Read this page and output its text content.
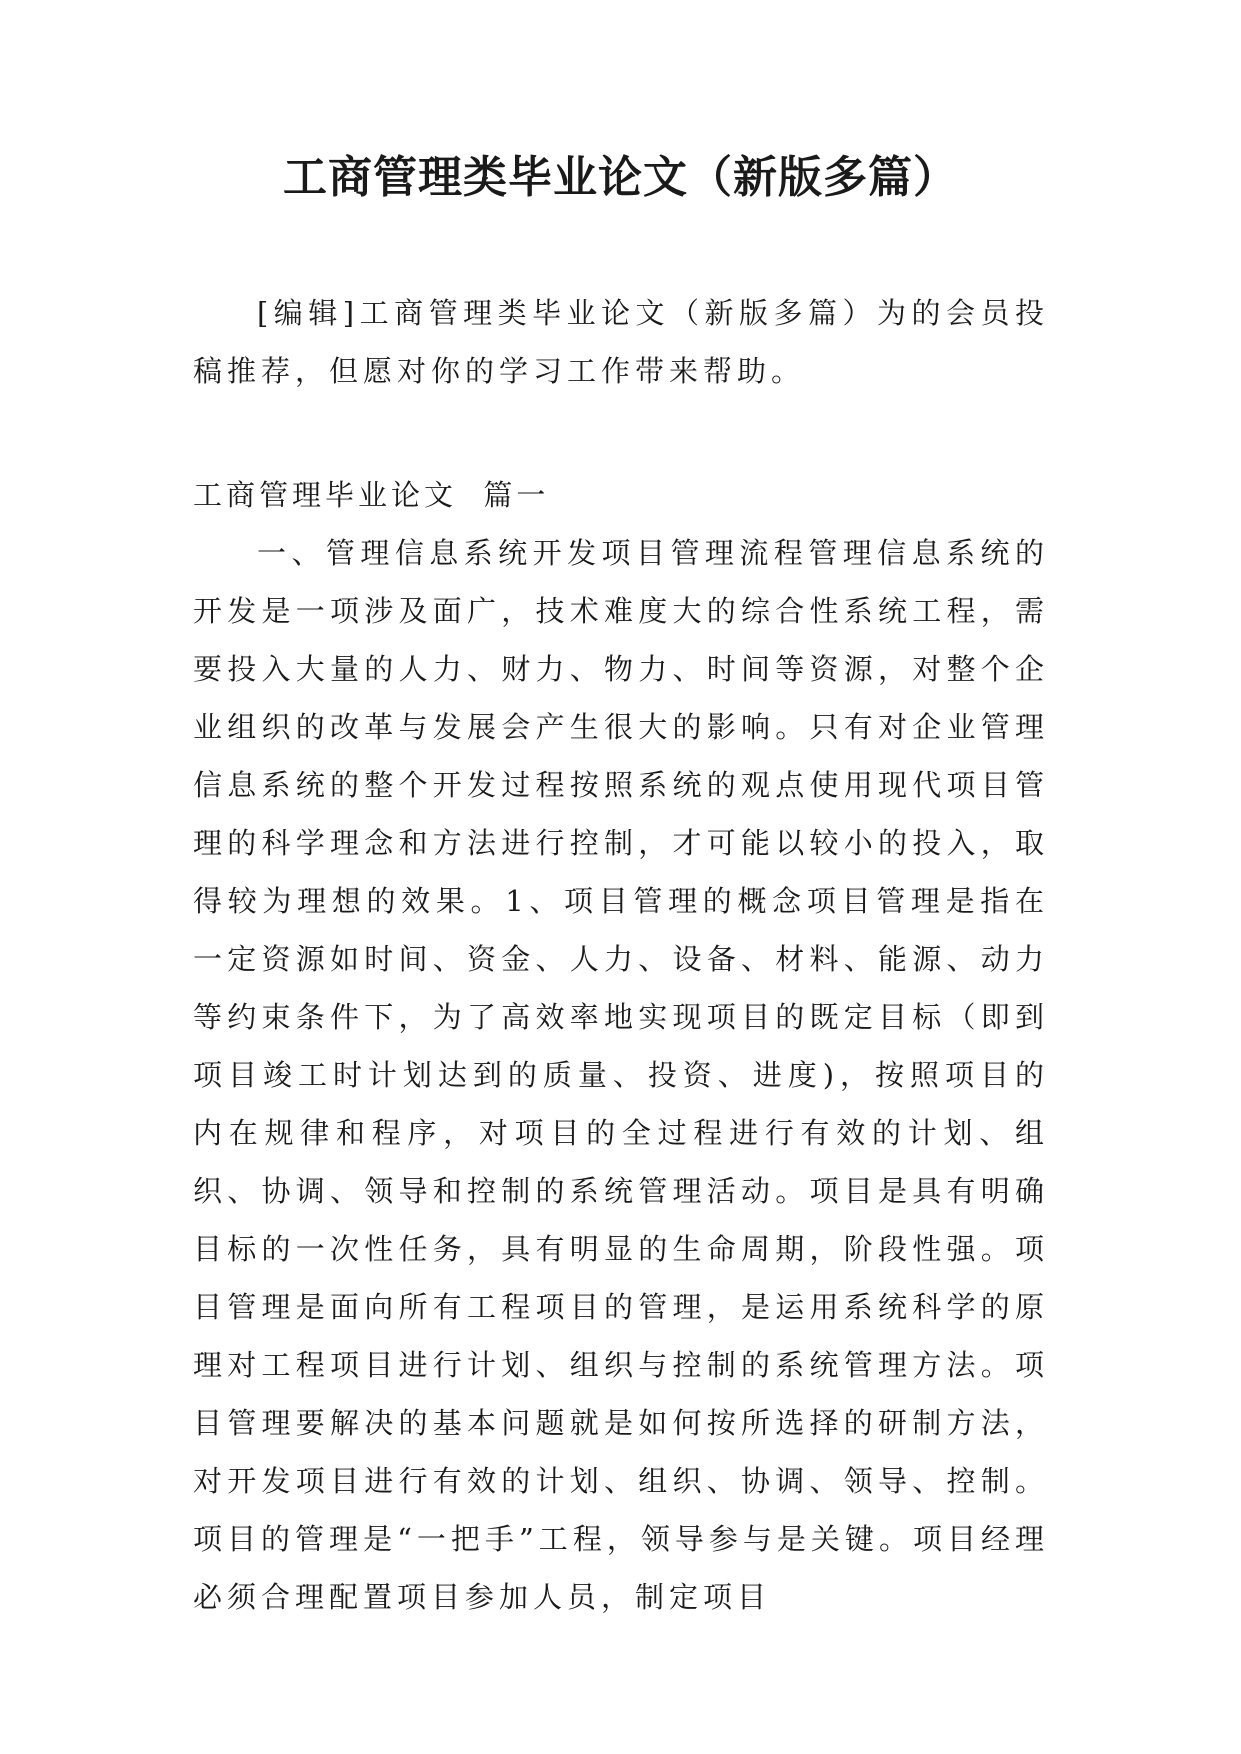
工商管理类毕业论文（新版多篇）

[编辑]工商管理类毕业论文（新版多篇）为的会员投稿推荐，但愿对你的学习工作带来帮助。

工商管理毕业论文  篇一

一、管理信息系统开发项目管理流程管理信息系统的开发是一项涉及面广，技术难度大的综合性系统工程，需要投入大量的人力、财力、物力、时间等资源，对整个企业组织的改革与发展会产生很大的影响。只有对企业管理信息系统的整个开发过程按照系统的观点使用现代项目管理的科学理念和方法进行控制，才可能以较小的投入，取得较为理想的效果。1、项目管理的概念项目管理是指在一定资源如时间、资金、人力、设备、材料、能源、动力等约束条件下，为了高效率地实现项目的既定目标（即到项目竣工时计划达到的质量、投资、进度)，按照项目的内在规律和程序，对项目的全过程进行有效的计划、组织、协调、领导和控制的系统管理活动。项目是具有明确目标的一次性任务，具有明显的生命周期，阶段性强。项目管理是面向所有工程项目的管理，是运用系统科学的原理对工程项目进行计划、组织与控制的系统管理方法。项目管理要解决的基本问题就是如何按所选择的研制方法，对开发项目进行有效的计划、组织、协调、领导、控制。项目的管理是“一把手”工程，领导参与是关键。项目经理必须合理配置项目参加人员，制定项目
